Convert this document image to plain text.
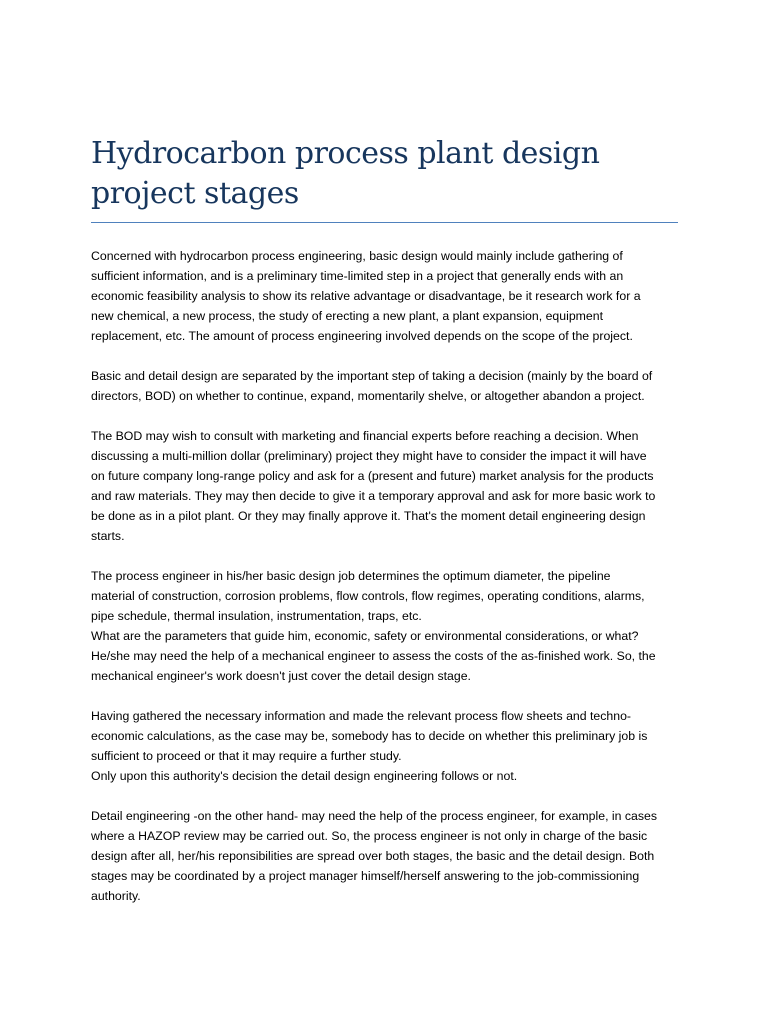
Hydrocarbon process plant design
project stages

Concerned with hydrocarbon process engineering, basic design would mainly include gathering of
sufficient information, and is a preliminary time-limited step in a project that generally ends with an
economic feasibility analysis to show its relative advantage or disadvantage, be it research work for a
new chemical, a new process, the study of erecting a new plant, a plant expansion, equipment
replacement, etc. The amount of process engineering involved depends on the scope of the project.

Basic and detail design are separated by the important step of taking a decision (mainly by the board of
directors, BOD) on whether to continue, expand, momentarily shelve, or altogether abandon a project.

The BOD may wish to consult with marketing and financial experts before reaching a decision. When
discussing a multi-million dollar (preliminary) project they might have to consider the impact it will have
on future company long-range policy and ask for a (present and future) market analysis for the products
and raw materials. They may then decide to give it a temporary approval and ask for more basic work to
be done as in a pilot plant. Or they may finally approve it. That's the moment detail engineering design
starts.

The process engineer in his/her basic design job determines the optimum diameter, the pipeline
material of construction, corrosion problems, flow controls, flow regimes, operating conditions, alarms,
pipe schedule, thermal insulation, instrumentation, traps, etc.
What are the parameters that guide him, economic, safety or environmental considerations, or what?
He/she may need the help of a mechanical engineer to assess the costs of the as-finished work. So, the
mechanical engineer's work doesn't just cover the detail design stage.

Having gathered the necessary information and made the relevant process flow sheets and techno-
economic calculations, as the case may be, somebody has to decide on whether this preliminary job is
sufficient to proceed or that it may require a further study.
Only upon this authority's decision the detail design engineering follows or not.

Detail engineering -on the other hand- may need the help of the process engineer, for example, in cases
where a HAZOP review may be carried out. So, the process engineer is not only in charge of the basic
design after all, her/his reponsibilities are spread over both stages, the basic and the detail design. Both
stages may be coordinated by a project manager himself/herself answering to the job-commissioning
authority.
